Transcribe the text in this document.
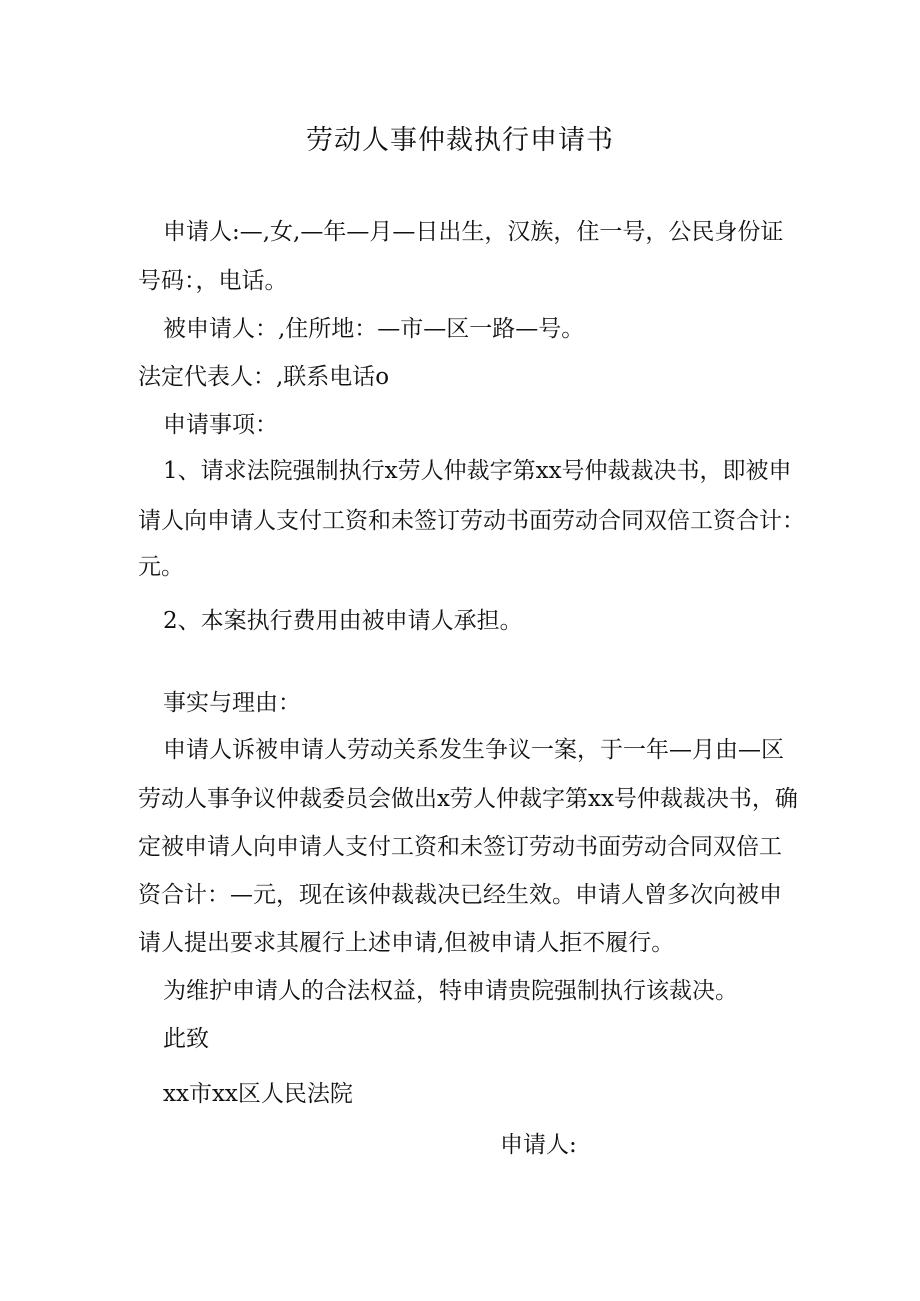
劳动人事仲裁执行申请书
申请人:—,女,—年—月—日出生，汉族，住一号，公民身份证
号码：，电话。
被申请人：,住所地：—市—区一路—号。
法定代表人：,联系电话o
申请事项：
1、请求法院强制执行x劳人仲裁字第xx号仲裁裁决书，即被申
请人向申请人支付工资和未签订劳动书面劳动合同双倍工资合计：
元。
2、本案执行费用由被申请人承担。
事实与理由：
申请人诉被申请人劳动关系发生争议一案，于一年—月由—区
劳动人事争议仲裁委员会做出x劳人仲裁字第xx号仲裁裁决书，确
定被申请人向申请人支付工资和未签订劳动书面劳动合同双倍工
资合计：—元，现在该仲裁裁决已经生效。申请人曾多次向被申
请人提出要求其履行上述申请,但被申请人拒不履行。
为维护申请人的合法权益，特申请贵院强制执行该裁决。
此致
xx市xx区人民法院
申请人:
